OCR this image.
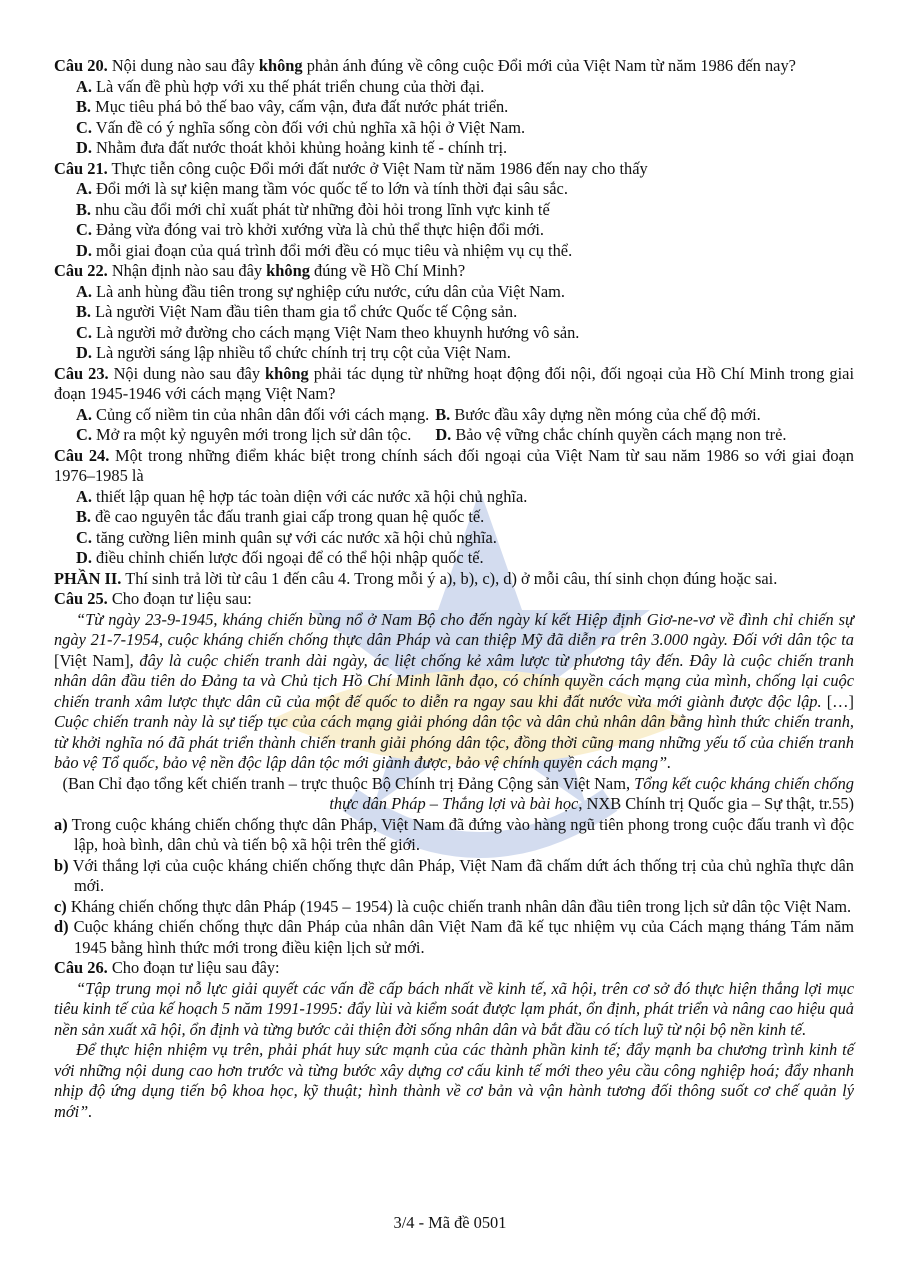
Câu 20. Nội dung nào sau đây không phản ánh đúng về công cuộc Đổi mới của Việt Nam từ năm 1986 đến nay?

A. Là vấn đề phù hợp với xu thế phát triển chung của thời đại.

B. Mục tiêu phá bỏ thế bao vây, cấm vận, đưa đất nước phát triển.

C. Vấn đề có ý nghĩa sống còn đối với chủ nghĩa xã hội ở Việt Nam.

D. Nhằm đưa đất nước thoát khỏi khủng hoảng kinh tế - chính trị.

Câu 21. Thực tiễn công cuộc Đổi mới đất nước ở Việt Nam từ năm 1986 đến nay cho thấy

A. Đổi mới là sự kiện mang tầm vóc quốc tế to lớn và tính thời đại sâu sắc.

B. nhu cầu đổi mới chỉ xuất phát từ những đòi hỏi trong lĩnh vực kinh tế

C. Đảng vừa đóng vai trò khởi xướng vừa là chủ thể thực hiện đổi mới.

D. mỗi giai đoạn của quá trình đổi mới đều có mục tiêu và nhiệm vụ cụ thể.

Câu 22. Nhận định nào sau đây không đúng về Hồ Chí Minh?

A. Là anh hùng đầu tiên trong sự nghiệp cứu nước, cứu dân của Việt Nam.

B. Là người Việt Nam đầu tiên tham gia tổ chức Quốc tế Cộng sản.

C. Là người mở đường cho cách mạng Việt Nam theo khuynh hướng vô sản.

D. Là người sáng lập nhiều tổ chức chính trị trụ cột của Việt Nam.

Câu 23. Nội dung nào sau đây không phải tác dụng từ những hoạt động đối nội, đối ngoại của Hồ Chí Minh trong giai đoạn 1945-1946 với cách mạng Việt Nam?

A. Củng cố niềm tin của nhân dân đối với cách mạng. B. Bước đầu xây dựng nền móng của chế độ mới.

C. Mở ra một kỷ nguyên mới trong lịch sử dân tộc. D. Bảo vệ vững chắc chính quyền cách mạng non trẻ.

Câu 24. Một trong những điểm khác biệt trong chính sách đối ngoại của Việt Nam từ sau năm 1986 so với giai đoạn 1976–1985 là

A. thiết lập quan hệ hợp tác toàn diện với các nước xã hội chủ nghĩa.

B. đề cao nguyên tắc đấu tranh giai cấp trong quan hệ quốc tế.

C. tăng cường liên minh quân sự với các nước xã hội chủ nghĩa.

D. điều chỉnh chiến lược đối ngoại để có thể hội nhập quốc tế.

PHẦN II. Thí sinh trả lời từ câu 1 đến câu 4. Trong mỗi ý a), b), c), d) ở mỗi câu, thí sinh chọn đúng hoặc sai.

Câu 25. Cho đoạn tư liệu sau:

“Từ ngày 23-9-1945, kháng chiến bùng nổ ở Nam Bộ cho đến ngày kí kết Hiệp định Giơ-ne-vơ về đình chỉ chiến sự ngày 21-7-1954, cuộc kháng chiến chống thực dân Pháp và can thiệp Mỹ đã diễn ra trên 3.000 ngày. Đối với dân tộc ta [Việt Nam], đây là cuộc chiến tranh dài ngày, ác liệt chống kẻ xâm lược từ phương tây đến. Đây là cuộc chiến tranh nhân dân đầu tiên do Đảng ta và Chủ tịch Hồ Chí Minh lãnh đạo, có chính quyền cách mạng của mình, chống lại cuộc chiến tranh xâm lược thực dân cũ của một đế quốc to diễn ra ngay sau khi đất nước vừa mới giành được độc lập. […] Cuộc chiến tranh này là sự tiếp tục của cách mạng giải phóng dân tộc và dân chủ nhân dân bằng hình thức chiến tranh, từ khởi nghĩa nó đã phát triển thành chiến tranh giải phóng dân tộc, đồng thời cũng mang những yếu tố của chiến tranh bảo vệ Tổ quốc, bảo vệ nền độc lập dân tộc mới giành được, bảo vệ chính quyền cách mạng”.

(Ban Chỉ đạo tổng kết chiến tranh – trực thuộc Bộ Chính trị Đảng Cộng sản Việt Nam, Tổng kết cuộc kháng chiến chống thực dân Pháp – Thắng lợi và bài học, NXB Chính trị Quốc gia – Sự thật, tr.55)

a) Trong cuộc kháng chiến chống thực dân Pháp, Việt Nam đã đứng vào hàng ngũ tiên phong trong cuộc đấu tranh vì độc lập, hoà bình, dân chủ và tiến bộ xã hội trên thế giới.

b) Với thắng lợi của cuộc kháng chiến chống thực dân Pháp, Việt Nam đã chấm dứt ách thống trị của chủ nghĩa thực dân mới.

c) Kháng chiến chống thực dân Pháp (1945 – 1954) là cuộc chiến tranh nhân dân đầu tiên trong lịch sử dân tộc Việt Nam.

d) Cuộc kháng chiến chống thực dân Pháp của nhân dân Việt Nam đã kế tục nhiệm vụ của Cách mạng tháng Tám năm 1945 bằng hình thức mới trong điều kiện lịch sử mới.

Câu 26. Cho đoạn tư liệu sau đây:

“Tập trung mọi nỗ lực giải quyết các vấn đề cấp bách nhất về kinh tế, xã hội, trên cơ sở đó thực hiện thắng lợi mục tiêu kinh tế của kế hoạch 5 năm 1991-1995: đẩy lùi và kiểm soát được lạm phát, ổn định, phát triển và nâng cao hiệu quả nền sản xuất xã hội, ổn định và từng bước cải thiện đời sống nhân dân và bắt đầu có tích luỹ từ nội bộ nền kinh tế.

Để thực hiện nhiệm vụ trên, phải phát huy sức mạnh của các thành phần kinh tế; đẩy mạnh ba chương trình kinh tế với những nội dung cao hơn trước và từng bước xây dựng cơ cấu kinh tế mới theo yêu cầu công nghiệp hoá; đẩy nhanh nhịp độ ứng dụng tiến bộ khoa học, kỹ thuật; hình thành về cơ bản và vận hành tương đối thông suốt cơ chế quản lý mới”.

3/4 - Mã đề 0501
